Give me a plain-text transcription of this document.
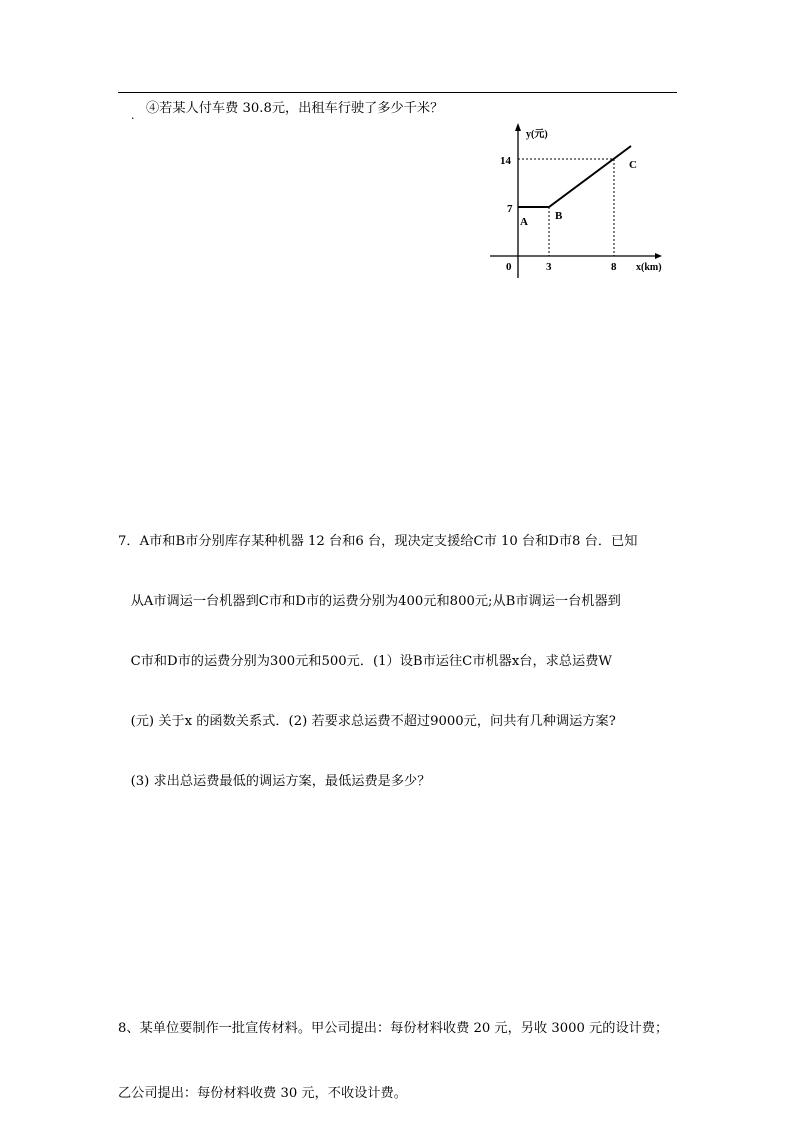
. ④若某人付车费 30.8元，出租车行驶了多少千米？
y(元)
x(km)
0	3	8
14
7
A B
C

7．A市和B市分别库存某种机器 12 台和6 台，现决定支援给C市 10 台和D市8 台．已知

从A市调运一台机器到C市和D市的运费分别为400元和800元;从B市调运一台机器到

C市和D市的运费分别为300元和500元．(1）设B市运往C市机器x台，求总运费W

(元) 关于x 的函数关系式．(2) 若要求总运费不超过9000元，问共有几种调运方案?

(3) 求出总运费最低的调运方案，最低运费是多少？

8、某单位要制作一批宣传材料。甲公司提出：每份材料收费 20 元，另收 3000 元的设计费；

乙公司提出：每份材料收费 30 元，不收设计费。
